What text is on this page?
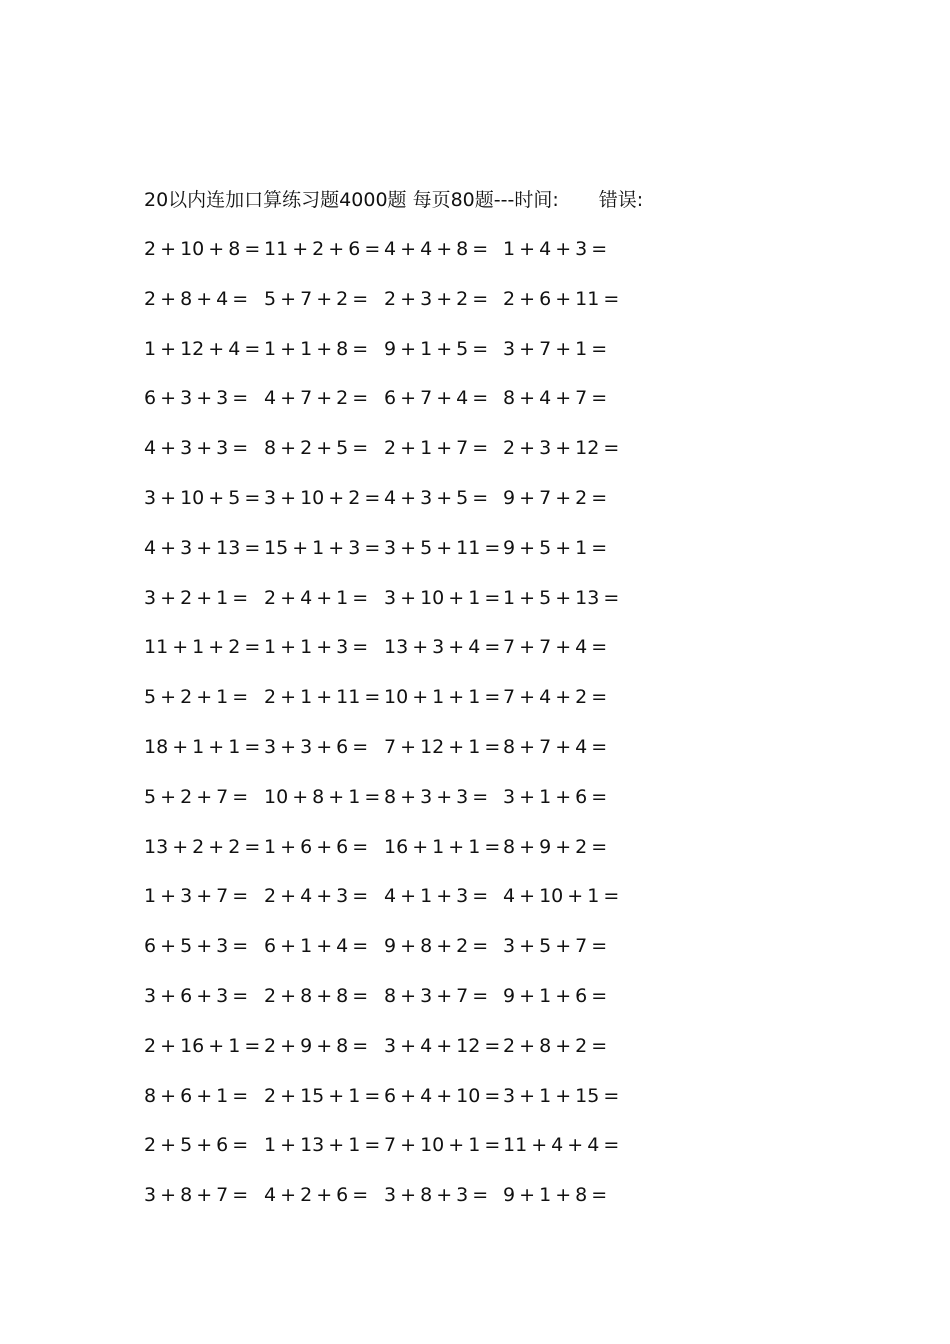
20以内连加口算练习题4000题 每页80题---时间: 错误:
2 + 10 + 8 = 11 + 2 + 6 = 4 + 4 + 8 = 1 + 4 + 3 =
2 + 8 + 4 = 5 + 7 + 2 = 2 + 3 + 2 = 2 + 6 + 11 =
1 + 12 + 4 = 1 + 1 + 8 = 9 + 1 + 5 = 3 + 7 + 1 =
6 + 3 + 3 = 4 + 7 + 2 = 6 + 7 + 4 = 8 + 4 + 7 =
4 + 3 + 3 = 8 + 2 + 5 = 2 + 1 + 7 = 2 + 3 + 12 =
3 + 10 + 5 = 3 + 10 + 2 = 4 + 3 + 5 = 9 + 7 + 2 =
4 + 3 + 13 = 15 + 1 + 3 = 3 + 5 + 11 = 9 + 5 + 1 =
3 + 2 + 1 = 2 + 4 + 1 = 3 + 10 + 1 = 1 + 5 + 13 =
11 + 1 + 2 = 1 + 1 + 3 = 13 + 3 + 4 = 7 + 7 + 4 =
5 + 2 + 1 = 2 + 1 + 11 = 10 + 1 + 1 = 7 + 4 + 2 =
18 + 1 + 1 = 3 + 3 + 6 = 7 + 12 + 1 = 8 + 7 + 4 =
5 + 2 + 7 = 10 + 8 + 1 = 8 + 3 + 3 = 3 + 1 + 6 =
13 + 2 + 2 = 1 + 6 + 6 = 16 + 1 + 1 = 8 + 9 + 2 =
1 + 3 + 7 = 2 + 4 + 3 = 4 + 1 + 3 = 4 + 10 + 1 =
6 + 5 + 3 = 6 + 1 + 4 = 9 + 8 + 2 = 3 + 5 + 7 =
3 + 6 + 3 = 2 + 8 + 8 = 8 + 3 + 7 = 9 + 1 + 6 =
2 + 16 + 1 = 2 + 9 + 8 = 3 + 4 + 12 = 2 + 8 + 2 =
8 + 6 + 1 = 2 + 15 + 1 = 6 + 4 + 10 = 3 + 1 + 15 =
2 + 5 + 6 = 1 + 13 + 1 = 7 + 10 + 1 = 11 + 4 + 4 =
3 + 8 + 7 = 4 + 2 + 6 = 3 + 8 + 3 = 9 + 1 + 8 =
